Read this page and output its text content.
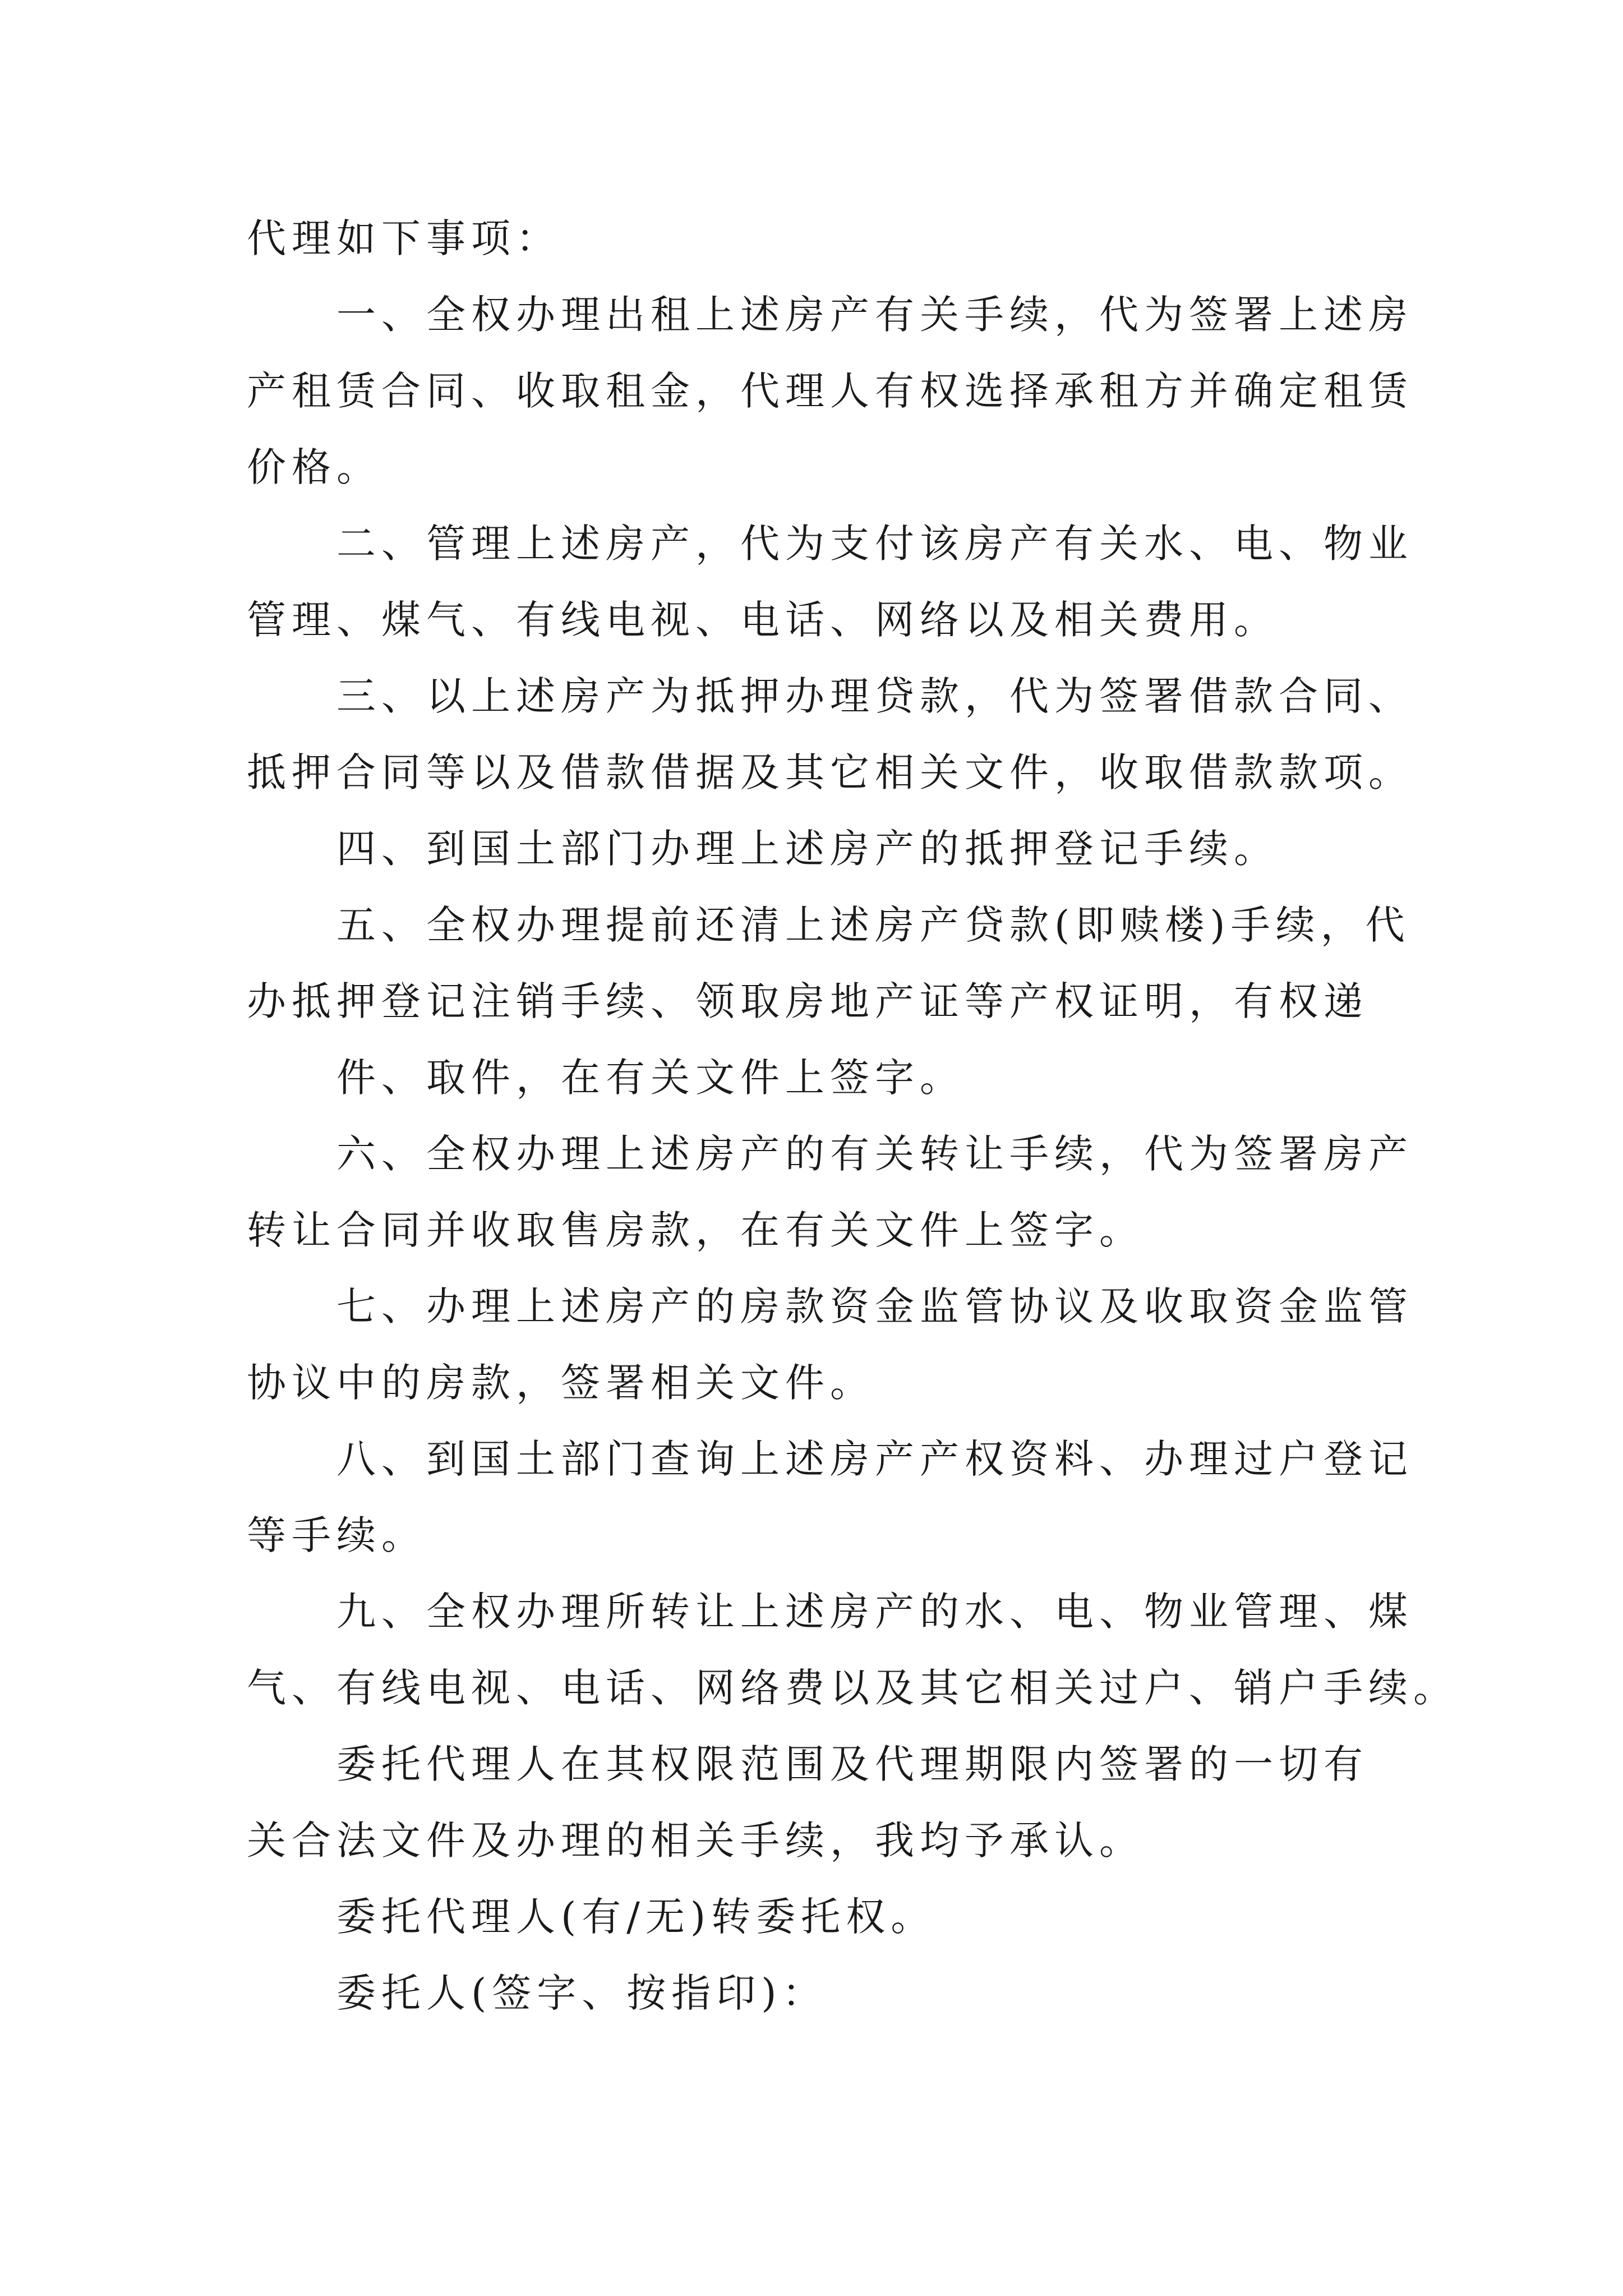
代理如下事项：
一、全权办理出租上述房产有关手续，代为签署上述房
产租赁合同、收取租金，代理人有权选择承租方并确定租赁
价格。
二、管理上述房产，代为支付该房产有关水、电、物业
管理、煤气、有线电视、电话、网络以及相关费用。
三、以上述房产为抵押办理贷款，代为签署借款合同、
抵押合同等以及借款借据及其它相关文件，收取借款款项。
四、到国土部门办理上述房产的抵押登记手续。
五、全权办理提前还清上述房产贷款(即赎楼)手续，代
办抵押登记注销手续、领取房地产证等产权证明，有权递
件、取件，在有关文件上签字。
六、全权办理上述房产的有关转让手续，代为签署房产
转让合同并收取售房款，在有关文件上签字。
七、办理上述房产的房款资金监管协议及收取资金监管
协议中的房款，签署相关文件。
八、到国土部门查询上述房产产权资料、办理过户登记
等手续。
九、全权办理所转让上述房产的水、电、物业管理、煤
气、有线电视、电话、网络费以及其它相关过户、销户手续。
委托代理人在其权限范围及代理期限内签署的一切有
关合法文件及办理的相关手续，我均予承认。
委托代理人(有/无)转委托权。
委托人(签字、按指印)：
